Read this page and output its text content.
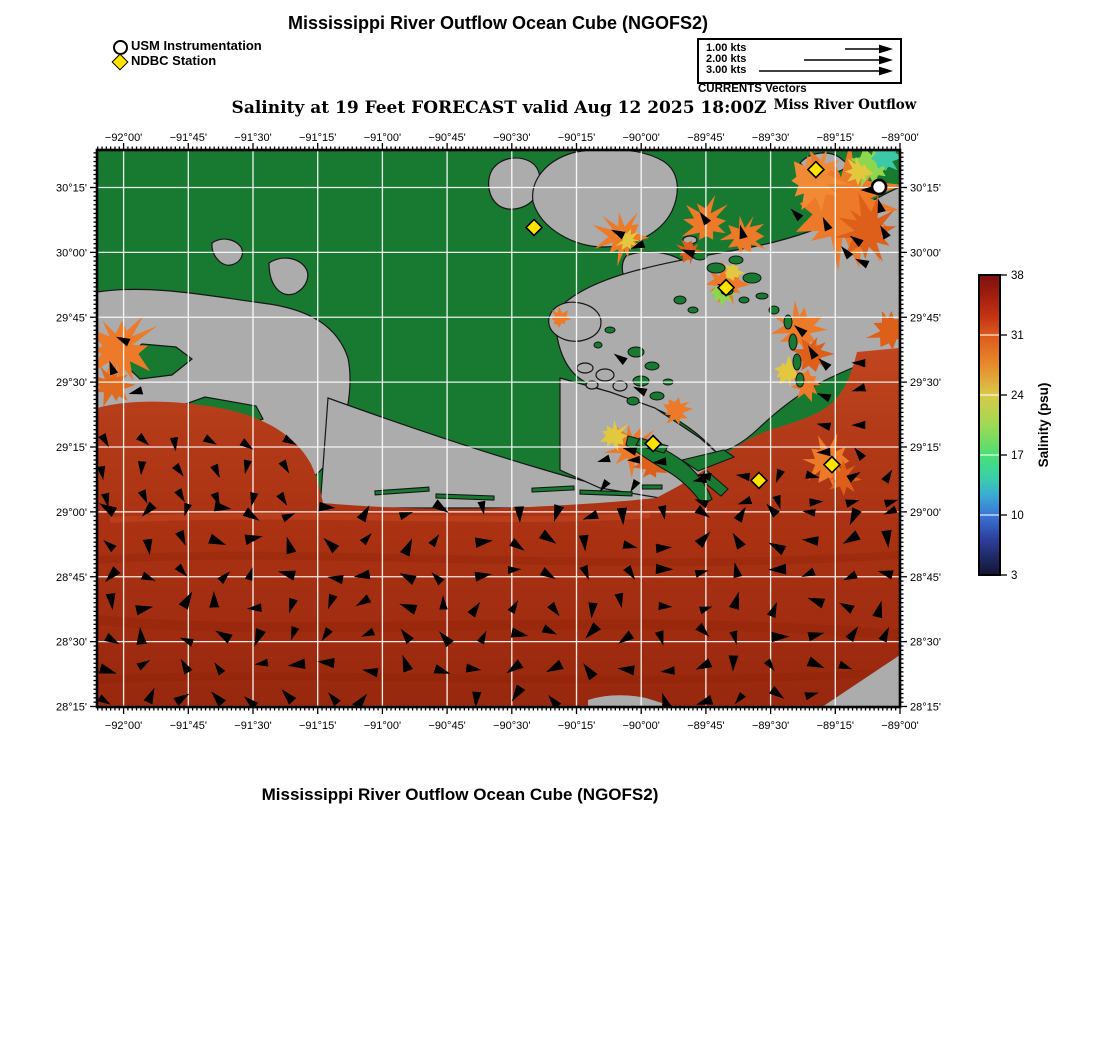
Mississippi River Outflow Ocean Cube (NGOFS2)
USM Instrumentation
NDBC Station
1.00 kts
2.00 kts
3.00 kts
CURRENTS Vectors
Salinity at 19 Feet FORECAST valid Aug 12 2025 18:00Z Miss River Outflow
−92°00'
−92°00'
−91°45'
−91°45'
−91°30'
−91°30'
−91°15'
−91°15'
−91°00'
−91°00'
−90°45'
−90°45'
−90°30'
−90°30'
−90°15'
−90°15'
−90°00'
−90°00'
−89°45'
−89°45'
−89°30'
−89°30'
−89°15'
−89°15'
−89°00'
−89°00'
30°15'	30°15'
30°00'	30°00'
29°45'	29°45'
29°30'	29°30'
29°15'	29°15'
29°00'	29°00'
28°45'	28°45'
28°30'	28°30'
28°15'	28°15'
38
31
24
17
10
3
Salinity (psu)
Mississippi River Outflow Ocean Cube (NGOFS2)
